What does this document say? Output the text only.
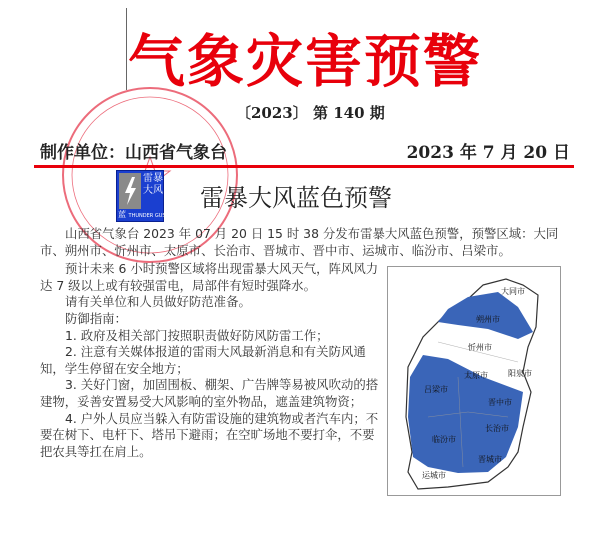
气象灾害预警
〔2023〕 第 140 期
制作单位：山西省气象台	2023 年 7 月 20 日
雷暴
大风
蓝 THUNDER GUST
雷暴大风蓝色预警

山西省气象台 2023 年 07 月 20 日 15 时 38 分发布雷暴大风蓝色预警，预警区域：大同市、朔州市、忻州市、太原市、长治市、晋城市、晋中市、运城市、临汾市、吕梁市。

预计未来 6 小时预警区域将出现雷暴大风天气，阵风风力达 7 级以上或有较强雷电，局部伴有短时强降水。

请有关单位和人员做好防范准备。

防御指南：

1. 政府及相关部门按照职责做好防风防雷工作；

2. 注意有关媒体报道的雷雨大风最新消息和有关防风通知，学生停留在安全地方；

3. 关好门窗，加固围板、棚架、广告牌等易被风吹动的搭建物，妥善安置易受大风影响的室外物品，遮盖建筑物资；

4. 户外人员应当躲入有防雷设施的建筑物或者汽车内；不要在树下、电杆下、塔吊下避雨；在空旷场地不要打伞，不要把农具等扛在肩上。

大同市
朔州市
忻州市
太原市	阳泉市
吕梁市
晋中市
长治市
临汾市
晋城市
运城市
